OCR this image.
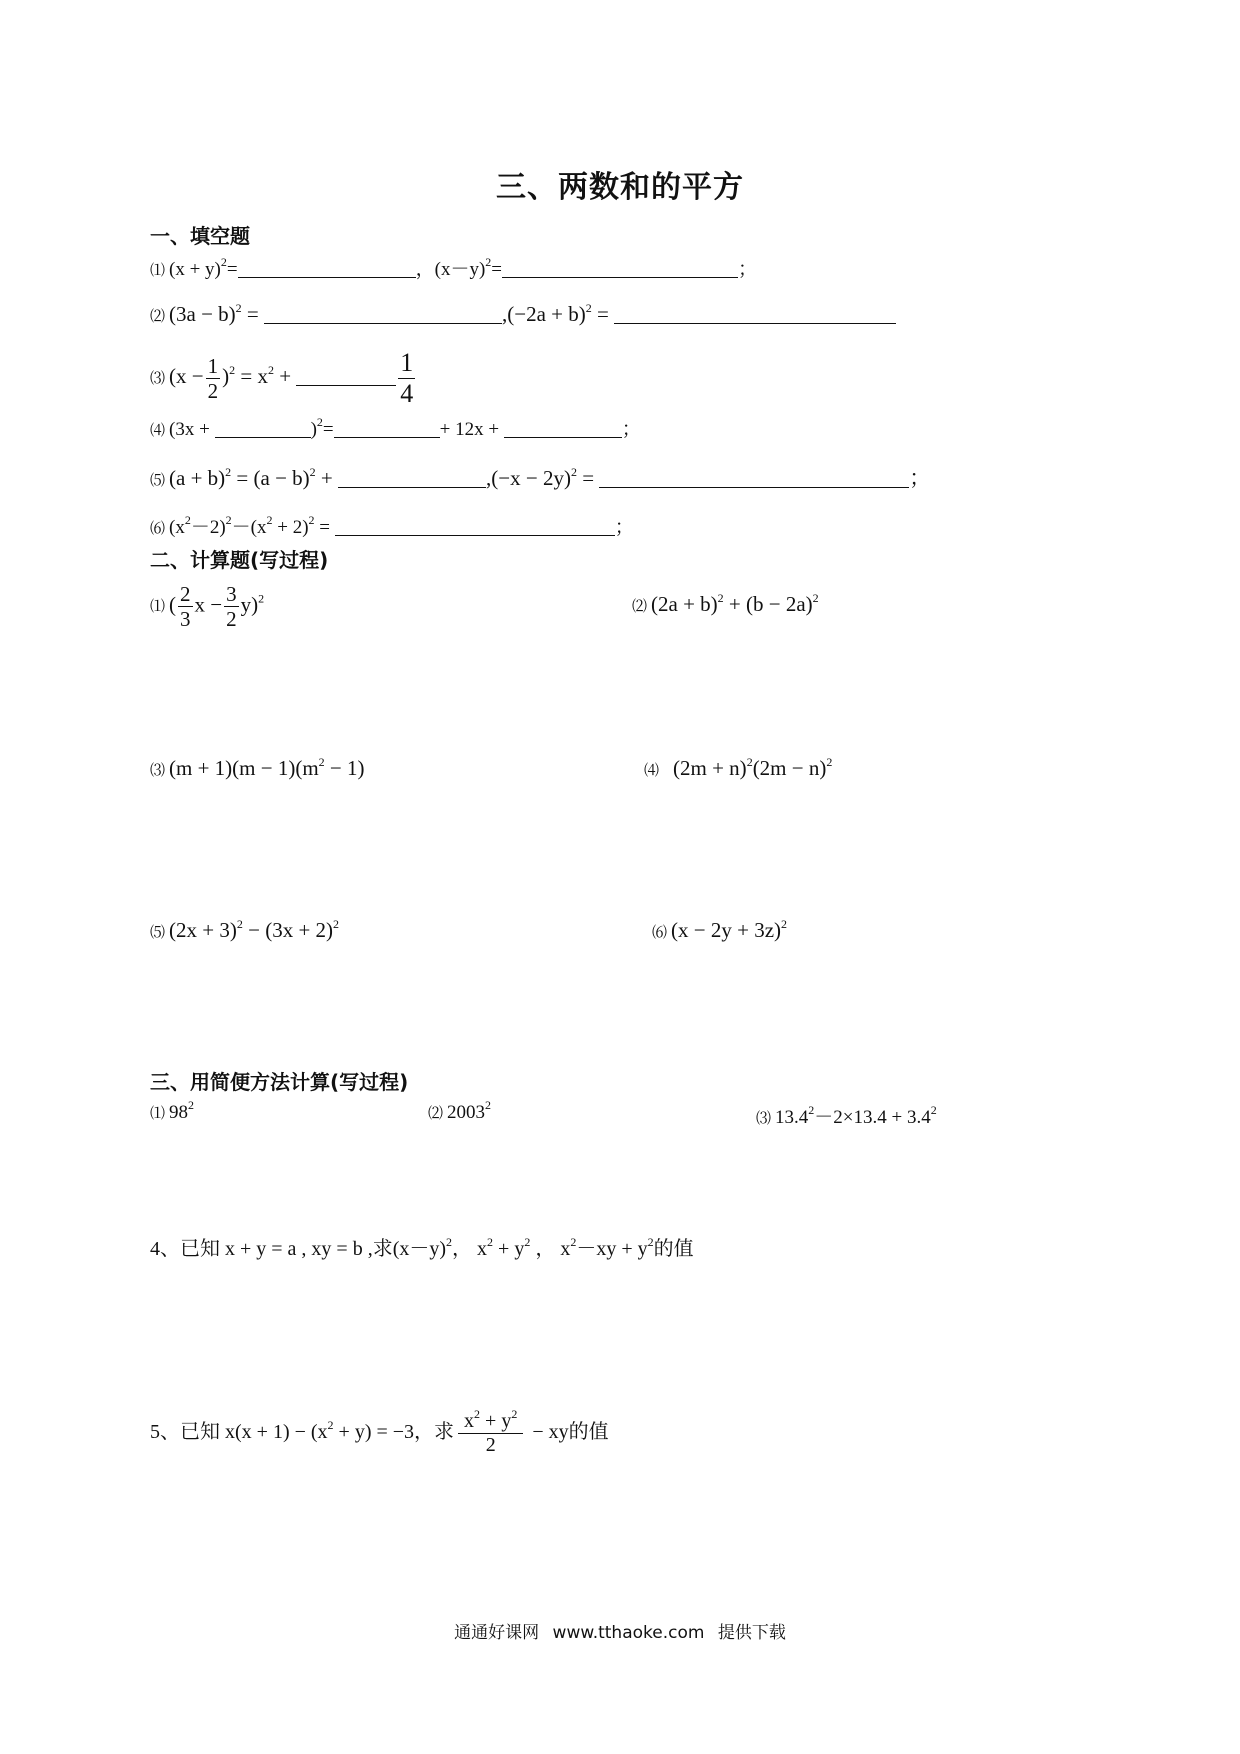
三、两数和的平方
一、填空题
⑴ $(x + y)^2=$	，$(x-y)^2=$	；
⑵ $(3a - b)^2$ =	$,(-2a + b)^2$ =
⑶ $(x - \frac{1}{2} )^2 = x^2$ +	$\frac{1}{4}$
⑷ (3x +	)$^2$=	+ 12x +	；
⑸ $(a + b)^2 = (a - b)^2$ +	$,(-x - 2y)^2$ =	；
⑹ $(x^2-2)^2-(x^2 + 2)^2$ =	；
二、计算题(写过程)
⑴ ( $\frac{2}{3}$ $x - \frac{3}{2} y)^2$
⑵ $(2a + b)^2 + (b - 2a)^2$
⑶ $(m + 1)(m - 1)(m^2 - 1)$	⑷ $(2m + n)^2(2m - n)^2$
⑸ $(2x + 3)^2 - (3x + 2)^2$
⑹ $(x - 2y + 3z)^2$
三、用简便方法计算(写过程)
⑴ $98^2$
⑵ 2003$^2$
⑶ $13.4^2-2\times 13.4 + 3.4^2$
4、已知 x + y = a , xy = b ,求$(x-y)^2$， $x^2 + y^2$ ， $x^2-xy + y^2$的值
5、已知 $x(x + 1) - (x^2 + y) = -3$，求 $\frac{x^2 + y^2}{2}$ − xy的值
通通好课网 www.tthaoke.com 提供下载
